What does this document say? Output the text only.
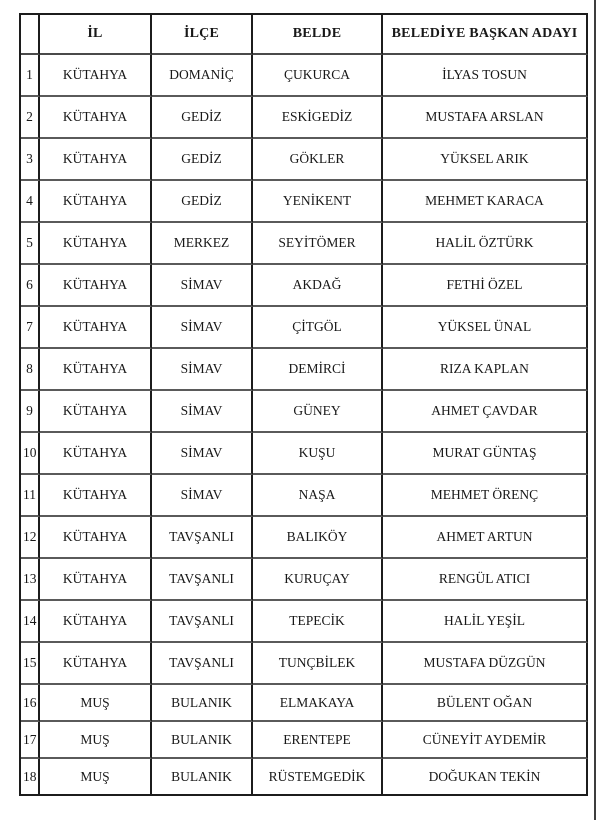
	İL	İLÇE	BELDE	BELEDİYE BAŞKAN ADAYI
1	KÜTAHYA	DOMANİÇ	ÇUKURCA	İLYAS TOSUN
2	KÜTAHYA	GEDİZ	ESKİGEDİZ	MUSTAFA ARSLAN
3	KÜTAHYA	GEDİZ	GÖKLER	YÜKSEL ARIK
4	KÜTAHYA	GEDİZ	YENİKENT	MEHMET KARACA
5	KÜTAHYA	MERKEZ	SEYİTÖMER	HALİL ÖZTÜRK
6	KÜTAHYA	SİMAV	AKDAĞ	FETHİ ÖZEL
7	KÜTAHYA	SİMAV	ÇİTGÖL	YÜKSEL ÜNAL
8	KÜTAHYA	SİMAV	DEMİRCİ	RIZA KAPLAN
9	KÜTAHYA	SİMAV	GÜNEY	AHMET ÇAVDAR
10	KÜTAHYA	SİMAV	KUŞU	MURAT GÜNTAŞ
11	KÜTAHYA	SİMAV	NAŞA	MEHMET ÖRENÇ
12	KÜTAHYA	TAVŞANLI	BALIKÖY	AHMET ARTUN
13	KÜTAHYA	TAVŞANLI	KURUÇAY	RENGÜL ATICI
14	KÜTAHYA	TAVŞANLI	TEPECİK	HALİL YEŞİL
15	KÜTAHYA	TAVŞANLI	TUNÇBİLEK	MUSTAFA DÜZGÜN
16	MUŞ	BULANIK	ELMAKAYA	BÜLENT OĞAN
17	MUŞ	BULANIK	ERENTEPE	CÜNEYİT AYDEMİR
18	MUŞ	BULANIK	RÜSTEMGEDİK	DOĞUKAN TEKİN
